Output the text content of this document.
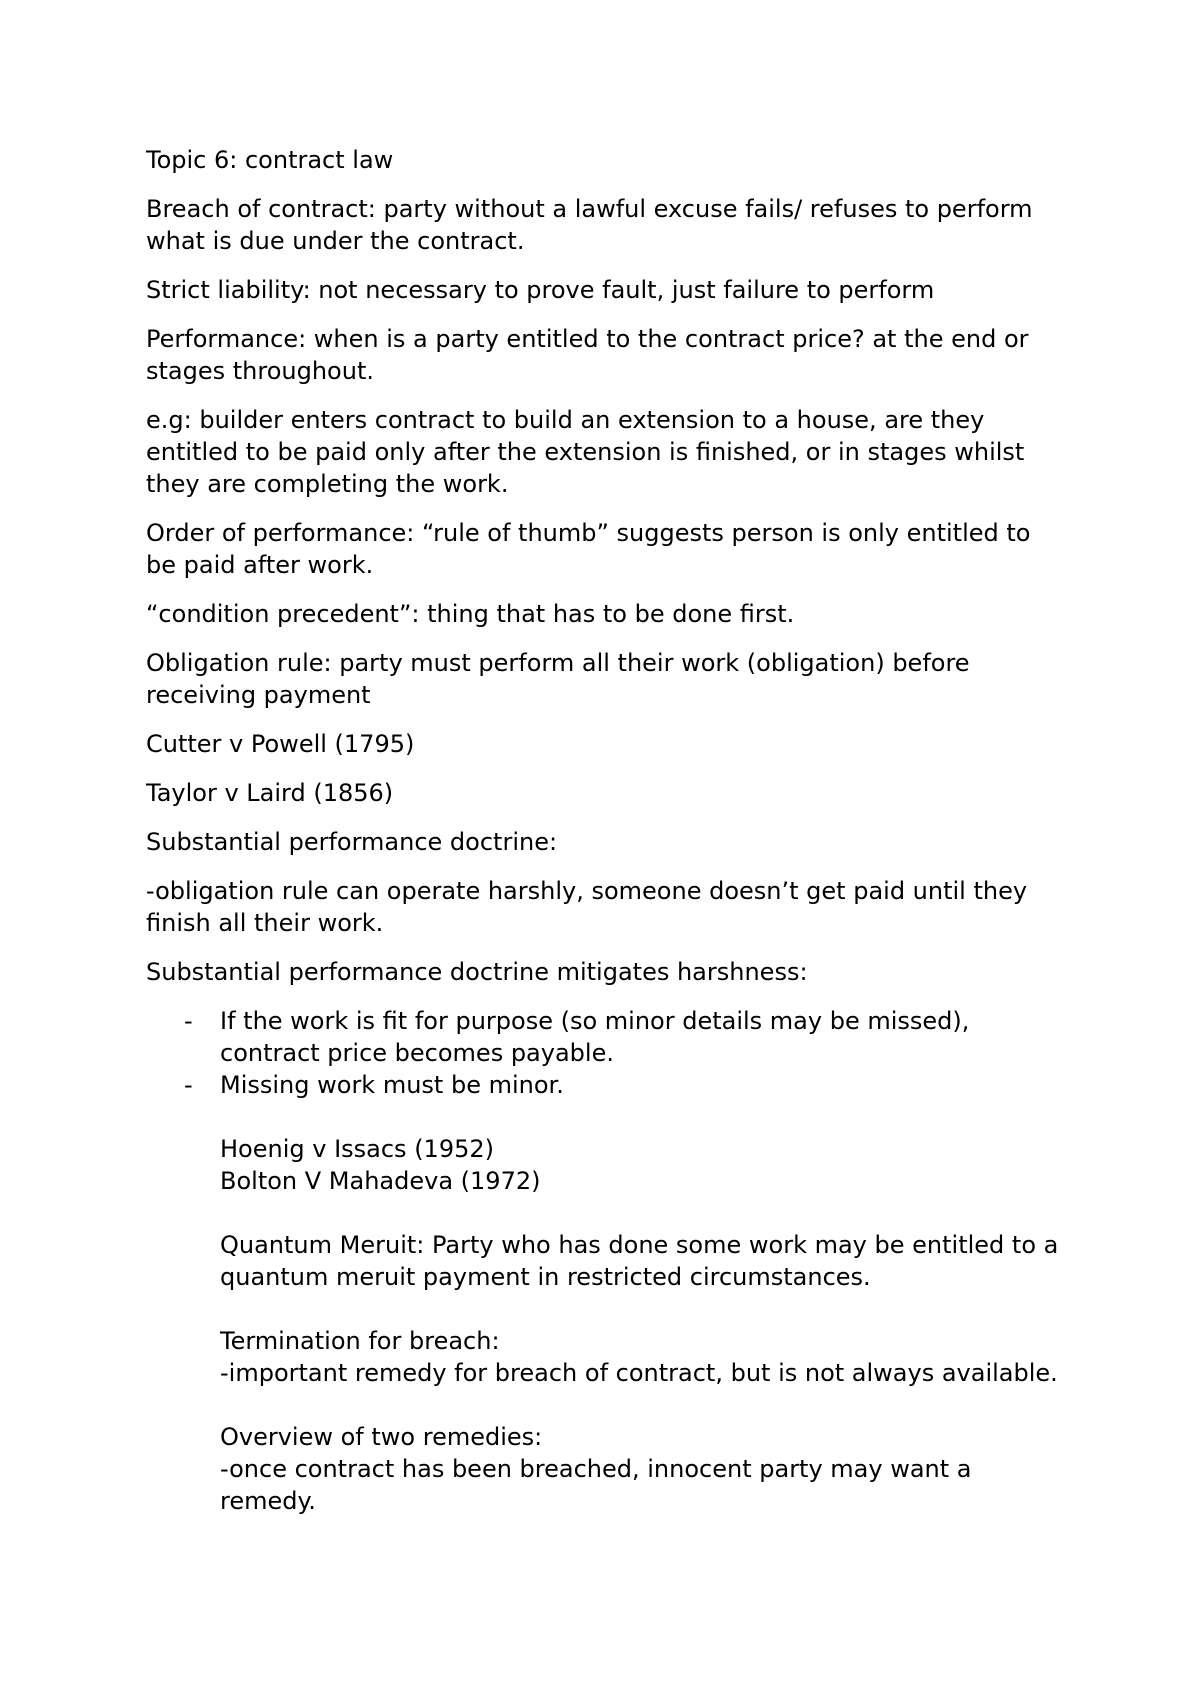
Topic 6: contract law

Breach of contract: party without a lawful excuse fails/ refuses to perform what is due under the contract.

Strict liability: not necessary to prove fault, just failure to perform

Performance: when is a party entitled to the contract price? at the end or stages throughout.

e.g: builder enters contract to build an extension to a house, are they entitled to be paid only after the extension is finished, or in stages whilst they are completing the work.

Order of performance: “rule of thumb” suggests person is only entitled to be paid after work.

“condition precedent”: thing that has to be done first.

Obligation rule: party must perform all their work (obligation) before receiving payment

Cutter v Powell (1795)

Taylor v Laird (1856)

Substantial performance doctrine:

-obligation rule can operate harshly, someone doesn’t get paid until they finish all their work.

Substantial performance doctrine mitigates harshness:

- If the work is fit for purpose (so minor details may be missed), contract price becomes payable.
- Missing work must be minor.
Hoenig v Issacs (1952)
Bolton V Mahadeva (1972)
Quantum Meruit: Party who has done some work may be entitled to a quantum meruit payment in restricted circumstances.
Termination for breach:
-important remedy for breach of contract, but is not always available.
Overview of two remedies:
-once contract has been breached, innocent party may want a remedy.
